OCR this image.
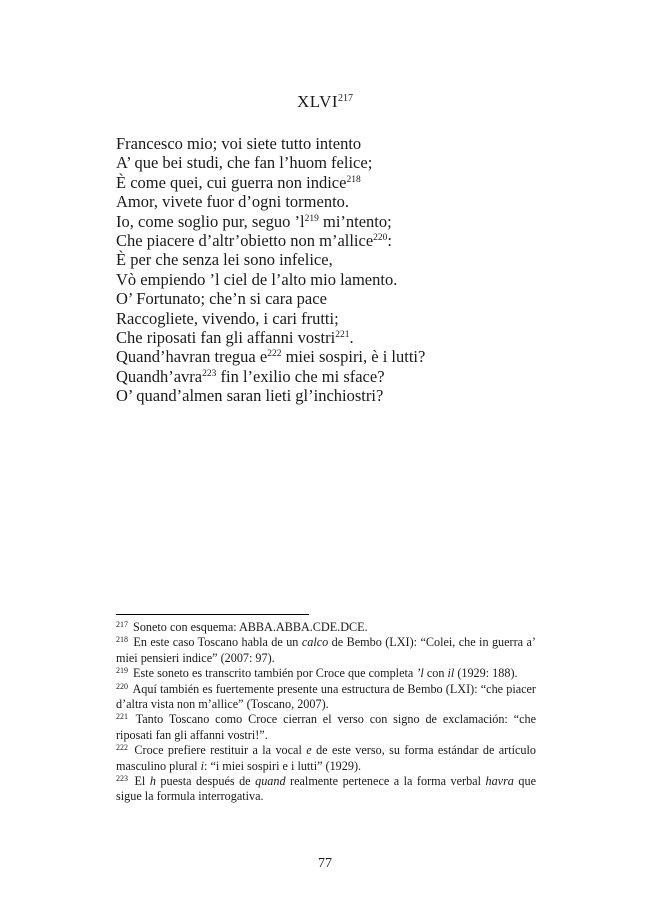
XLVI$^{217}$
Francesco mio; voi siete tutto intento
A’ que bei studi, che fan l’huom felice;
È come quei, cui guerra non indice$^{218}$
Amor, vivete fuor d’ogni tormento.
Io, come soglio pur, seguo $’l^{219}$ mi’ntento;
Che piacere d’altr’obietto non m’allice$^{220}$:
È per che senza lei sono infelice,
Vò empiendo ’l ciel de l’alto mio lamento.
O’ Fortunato; che’n si cara pace
Raccogliete, vivendo, i cari frutti;
Che riposati fan gli affanni vostri$^{221}$.
Quand’havran tregua $e^{222}$ miei sospiri, è i lutti?
Quandh’avra$^{223}$ fin l’exilio che mi sface?
O’ quand’almen saran lieti gl’inchiostri?
$^{217}$ Soneto con esquema: ABBA.ABBA.CDE.DCE.
$^{218}$ En este caso Toscano habla de un calco de Bembo (LXI): “Colei, che in guerra a’ miei pensieri indice” (2007: 97).
$^{219}$ Este soneto es transcrito también por Croce que completa ’l con il (1929: 188).
$^{220}$ Aquí también es fuertemente presente una estructura de Bembo (LXI): “che piacer d’altra vista non m’allice” (Toscano, 2007).
$^{221}$ Tanto Toscano como Croce cierran el verso con signo de exclamación: “che riposati fan gli affanni vostri!”.
$^{222}$ Croce prefiere restituir a la vocal e de este verso, su forma estándar de artículo masculino plural i: “i miei sospiri e i lutti” (1929).
$^{223}$ El h puesta después de quand realmente pertenece a la forma verbal havra que sigue la formula interrogativa.
77
